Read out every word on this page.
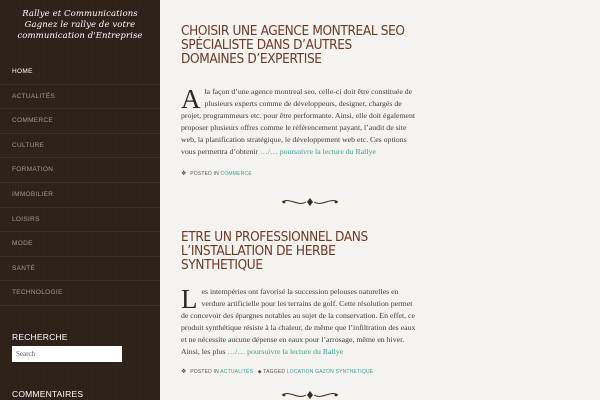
Rallye et Communications
Gagnez le rallye de votre
communication d'Entreprise
HOME
ACTUALITÉS
COMMERCE
CULTURE
FORMATION
IMMOBILIER
LOISIRS
MODE
SANTÉ
TECHNOLOGIE
RECHERCHE
Search
COMMENTAIRES
CHOISIR UNE AGENCE MONTREAL SEO SPÉCIALISTE DANS D’AUTRES DOMAINES D’EXPERTISE
A la façon d’une agence montreal seo, celle-ci doit être constituée de plusieurs experts comme de développeurs, designer, chargés de projet, programmeurs etc. pour être performante. Ainsi, elle doit également proposer plusieurs offres comme le référencement payant, l’audit de site web, la planification stratégique, le développement web etc. Ces options vous permettra d’obtenir …/… poursuivre la lecture du Rallye
❖ POSTED IN COMMERCE
ETRE UN PROFESSIONNEL DANS L’INSTALLATION DE HERBE SYNTHETIQUE
L es intempéries ont favorisé la succession pelouses naturelles en verdure artificielle pour les terrains de golf. Cette résolution permet de concevoir des épargnes notables au sujet de la conservation. En effet, ce produit synthétique résiste à la chaleur, de même que l’infiltration des eaux et ne nécessite aucune dépense en eaux pour l’arrosage, même en hiver. Ainsi, les plus …/… poursuivre la lecture du Rallye
❖ POSTED IN ACTUALITÉS ◆ TAGGED LOCATION GAZON SYNTHETIQUE
